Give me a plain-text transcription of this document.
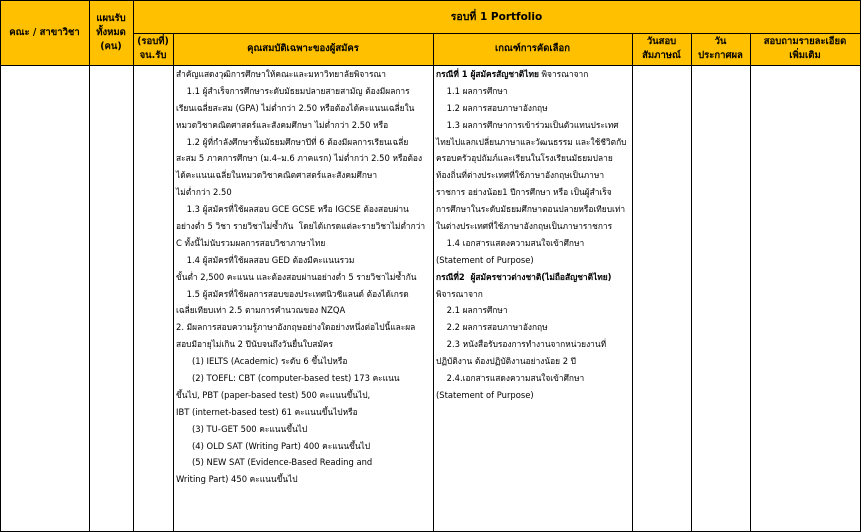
คณะ / สาขาวิชา
แผนรับ
ทั้งหมด
(คน)
รอบที่ 1 Portfolio
(รอบที่)
จน.รับ
คุณสมบัติเฉพาะของผู้สมัคร	เกณฑ์การคัดเลือก
วันสอบ
สัมภาษณ์
วัน
ประกาศผล
สอบถามรายละเอียด
เพิ่มเติม
สำคัญแสดงวุฒิการศึกษาให้คณะและมหาวิทยาลัยพิจารณา
1.1 ผู้สำเร็จการศึกษาระดับมัธยมปลายสายสามัญ ต้องมีผลการ
เรียนเฉลี่ยสะสม (GPA) ไม่ต่ำกว่า 2.50 หรือต้องได้คะแนนเฉลี่ยใน
หมวดวิชาคณิตศาสตร์และสังคมศึกษา ไม่ต่ำกว่า 2.50 หรือ
1.2 ผู้ที่กำลังศึกษาชั้นมัธยมศึกษาปีที่ 6 ต้องมีผลการเรียนเฉลี่ย
สะสม 5 ภาคการศึกษา (ม.4–ม.6 ภาคแรก) ไม่ต่ำกว่า 2.50 หรือต้อง
ได้คะแนนเฉลี่ยในหมวดวิชาคณิตศาสตร์และสังคมศึกษา
ไม่ต่ำกว่า 2.50
1.3 ผู้สมัครที่ใช้ผลสอบ GCE GCSE หรือ IGCSE ต้องสอบผ่าน
อย่างต่ำ 5 วิชา รายวิชาไม่ซ้ำกัน  โดยได้เกรดแต่ละรายวิชาไม่ต่ำกว่า
C ทั้งนี้ไม่นับรวมผลการสอบวิชาภาษาไทย
1.4 ผู้สมัครที่ใช้ผลสอบ GED ต้องมีคะแนนรวม
ขั้นต่ำ 2,500 คะแนน และต้องสอบผ่านอย่างต่ำ 5 รายวิชาไม่ซ้ำกัน
1.5 ผู้สมัครที่ใช้ผลการสอบของประเทศนิวซีแลนด์ ต้องได้เกรด
เฉลี่ยเทียบเท่า 2.5 ตามการคำนวณของ NZQA
2. มีผลการสอบความรู้ภาษาอังกฤษอย่างใดอย่างหนึ่งต่อไปนี้และผล
สอบมีอายุไม่เกิน 2 ปีนับจนถึงวันยื่นใบสมัคร
(1) IELTS (Academic) ระดับ 6 ขึ้นไปหรือ
(2) TOEFL: CBT (computer-based test) 173 คะแนน
ขึ้นไป, PBT (paper-based test) 500 คะแนนขึ้นไป,
IBT (internet-based test) 61 คะแนนขึ้นไปหรือ
(3) TU-GET 500 คะแนนขึ้นไป
(4) OLD SAT (Writing Part) 400 คะแนนขึ้นไป
(5) NEW SAT (Evidence-Based Reading and
Writing Part) 450 คะแนนขึ้นไป
กรณีที่ 1 ผู้สมัครสัญชาติไทย พิจารณาจาก
1.1 ผลการศึกษา
1.2 ผลการสอบภาษาอังกฤษ
1.3 ผลการศึกษาการเข้าร่วมเป็นตัวแทนประเทศ
ไทยไปแลกเปลี่ยนภาษาและวัฒนธรรม และใช้ชีวิตกับ
ครอบครัวอุปถัมภ์และเรียนในโรงเรียนมัธยมปลาย
ท้องถิ่นที่ต่างประเทศที่ใช้ภาษาอังกฤษเป็นภาษา
ราชการ อย่างน้อย1 ปีการศึกษา หรือ เป็นผู้สำเร็จ
การศึกษาในระดับมัธยมศึกษาตอนปลายหรือเทียบเท่า
ในต่างประเทศที่ใช้ภาษาอังกฤษเป็นภาษาราชการ
1.4 เอกสารแสดงความสนใจเข้าศึกษา
(Statement of Purpose)
กรณีที่2  ผู้สมัครชาวต่างชาติ(ไม่ถือสัญชาติไทย)
พิจารณาจาก
2.1 ผลการศึกษา
2.2 ผลการสอบภาษาอังกฤษ
2.3 หนังสือรับรองการทำงานจากหน่วยงานที่
ปฏิบัติงาน ต้องปฏิบัติงานอย่างน้อย 2 ปี
2.4.เอกสารแสดงความสนใจเข้าศึกษา
(Statement of Purpose)
